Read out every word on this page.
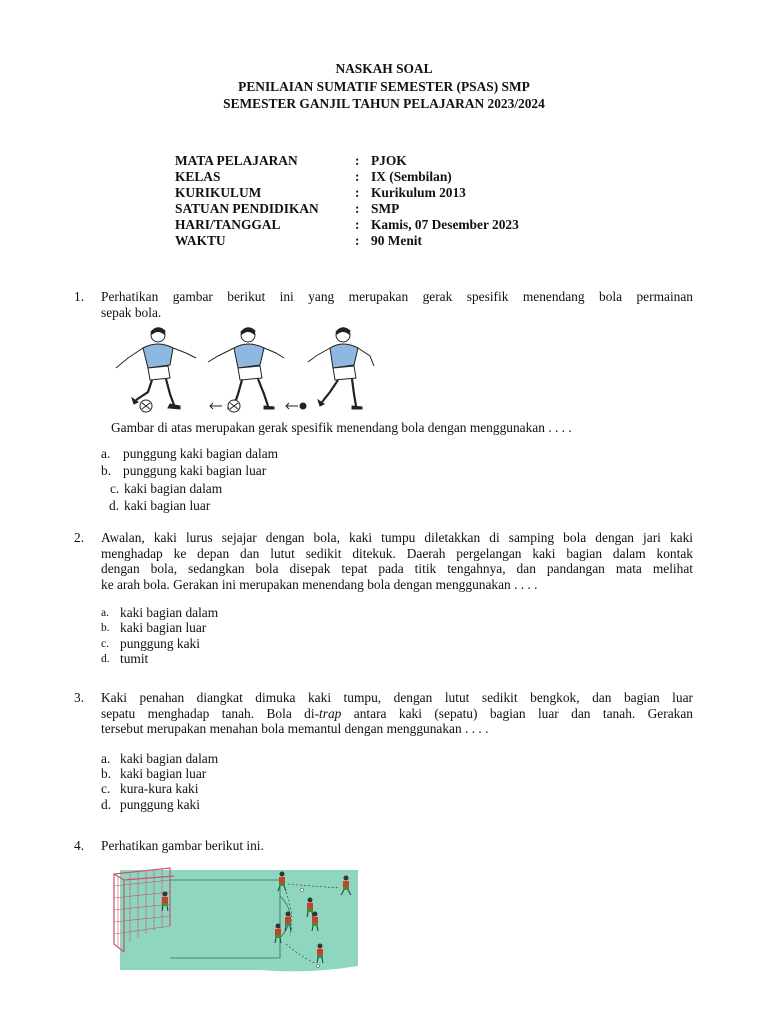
NASKAH SOAL
PENILAIAN SUMATIF SEMESTER (PSAS) SMP
SEMESTER GANJIL TAHUN PELAJARAN 2023/2024
MATA PELAJARAN	: PJOK
KELAS	: IX (Sembilan)
KURIKULUM	: Kurikulum 2013
SATUAN PENDIDIKAN	: SMP
HARI/TANGGAL	: Kamis, 07 Desember 2023
WAKTU	: 90 Menit
1. Perhatikan gambar berikut ini yang merupakan gerak spesifik menendang bola permainan
sepak bola.
Gambar di atas merupakan gerak spesifik menendang bola dengan menggunakan . . . .
a. punggung kaki bagian dalam
b. punggung kaki bagian luar
c. kaki bagian dalam
d. kaki bagian luar
2. Awalan, kaki lurus sejajar dengan bola, kaki tumpu diletakkan di samping bola dengan jari kaki
menghadap ke depan dan lutut sedikit ditekuk. Daerah pergelangan kaki bagian dalam kontak
dengan bola, sedangkan bola disepak tepat pada titik tengahnya, dan pandangan mata melihat
ke arah bola. Gerakan ini merupakan menendang bola dengan menggunakan . . . .
a. kaki bagian dalam
b. kaki bagian luar
c. punggung kaki
d. tumit
3. Kaki penahan diangkat dimuka kaki tumpu, dengan lutut sedikit bengkok, dan bagian luar
sepatu menghadap tanah. Bola di-trap antara kaki (sepatu) bagian luar dan tanah. Gerakan
tersebut merupakan menahan bola memantul dengan menggunakan . . . .
a. kaki bagian dalam
b. kaki bagian luar
c. kura-kura kaki
d. punggung kaki
4. Perhatikan gambar berikut ini.
